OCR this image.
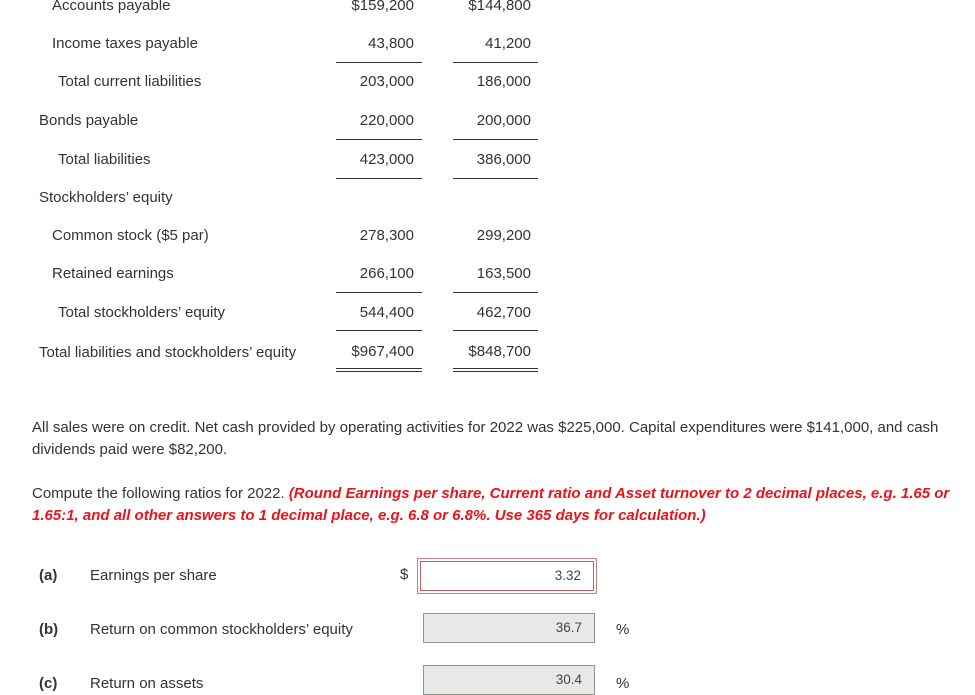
Accounts payable	$159,200	$144,800
Income taxes payable	43,800	41,200
Total current liabilities	203,000	186,000
Bonds payable	220,000	200,000
Total liabilities	423,000	386,000
Stockholders’ equity
Common stock ($5 par)	278,300	299,200
Retained earnings	266,100	163,500
Total stockholders’ equity	544,400	462,700
Total liabilities and stockholders’ equity	$967,400	$848,700
All sales were on credit. Net cash provided by operating activities for 2022 was $225,000. Capital expenditures were $141,000, and cash dividends paid were $82,200.
Compute the following ratios for 2022. (Round Earnings per share, Current ratio and Asset turnover to 2 decimal places, e.g. 1.65 or 1.65:1, and all other answers to 1 decimal place, e.g. 6.8 or 6.8%. Use 365 days for calculation.)
(a) Earnings per share	$	3.32
(b) Return on common stockholders’ equity	36.7	%
(c) Return on assets	30.4	%
